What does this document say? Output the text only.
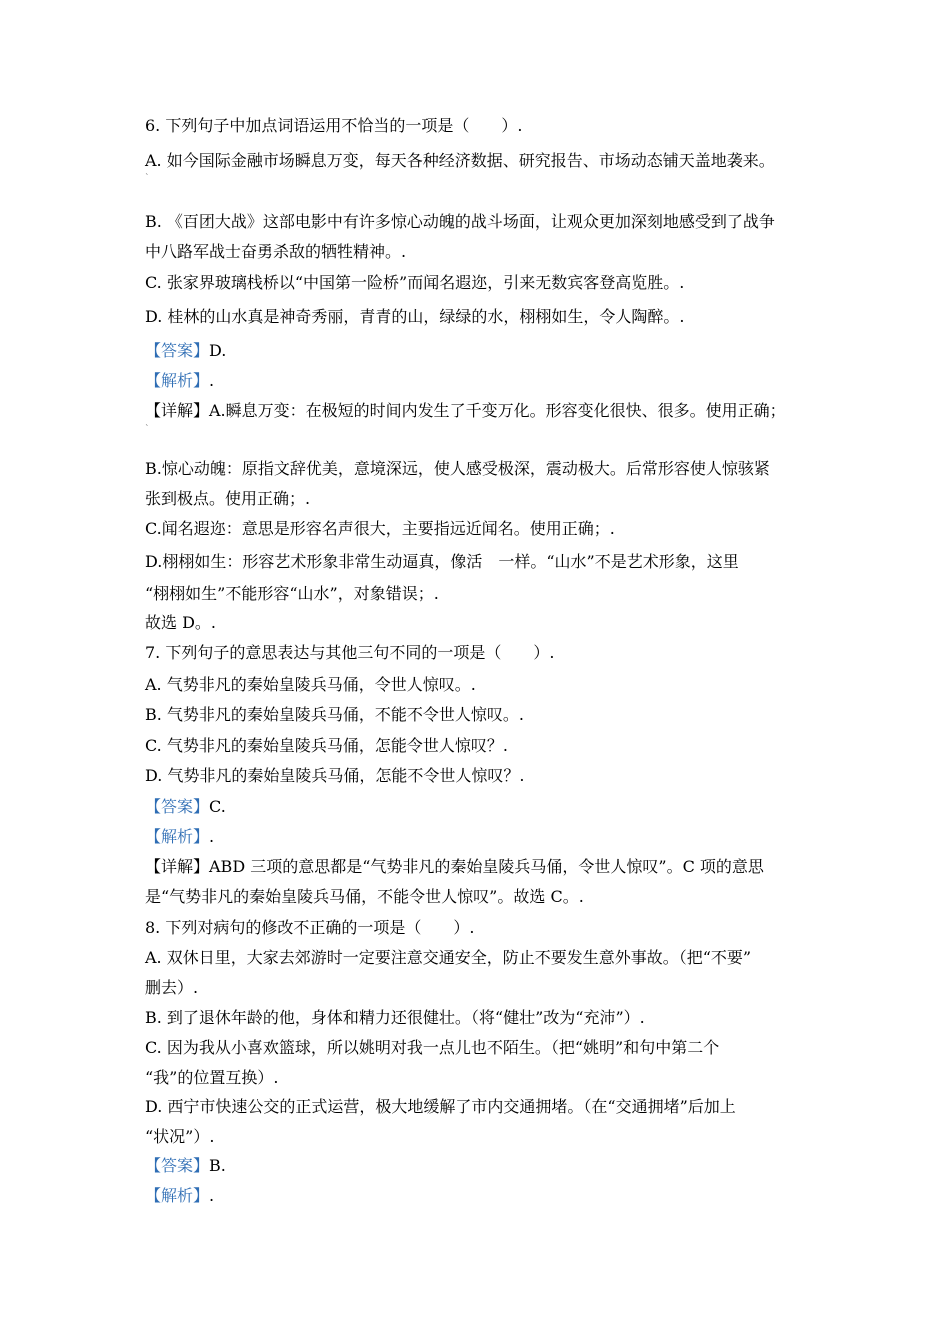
6. 下列句子中加点词语运用不恰当的一项是（　　）.
A. 如今国际金融市场瞬息万变，每天各种经济数据、研究报告、市场动态铺天盖地袭来。
ˋ
B. 《百团大战》这部电影中有许多惊心动魄的战斗场面，让观众更加深刻地感受到了战争
中八路军战士奋勇杀敌的牺牲精神。.
C. 张家界玻璃栈桥以“中国第一险桥”而闻名遐迩，引来无数宾客登高览胜。.
D. 桂林的山水真是神奇秀丽，青青的山，绿绿的水，栩栩如生，令人陶醉。.
【答案】D.
【解析】.
【详解】A.瞬息万变：在极短的时间内发生了千变万化。形容变化很快、很多。使用正确；
ˋ
B.惊心动魄：原指文辞优美，意境深远，使人感受极深，震动极大。后常形容使人惊骇紧
张到极点。使用正确；.
C.闻名遐迩：意思是形容名声很大，主要指远近闻名。使用正确；.
D.栩栩如生：形容艺术形象非常生动逼真，像活　一样。“山水”不是艺术形象，这里
“栩栩如生”不能形容“山水”，对象错误；.
故选 D。.
7. 下列句子的意思表达与其他三句不同的一项是（　　）.
A. 气势非凡的秦始皇陵兵马俑，令世人惊叹。.
B. 气势非凡的秦始皇陵兵马俑，不能不令世人惊叹。.
C. 气势非凡的秦始皇陵兵马俑，怎能令世人惊叹？.
D. 气势非凡的秦始皇陵兵马俑，怎能不令世人惊叹？.
【答案】C.
【解析】.
【详解】ABD 三项的意思都是“气势非凡的秦始皇陵兵马俑，令世人惊叹”。C 项的意思
是“气势非凡的秦始皇陵兵马俑，不能令世人惊叹”。故选 C。.
8. 下列对病句的修改不正确的一项是（　　）.
A. 双休日里，大家去郊游时一定要注意交通安全，防止不要发生意外事故。（把“不要”
删去）.
B. 到了退休年龄的他，身体和精力还很健壮。（将“健壮”改为“充沛”）.
C. 因为我从小喜欢篮球，所以姚明对我一点儿也不陌生。（把“姚明”和句中第二个
“我”的位置互换）.
D. 西宁市快速公交的正式运营，极大地缓解了市内交通拥堵。（在“交通拥堵”后加上
“状况”）.
【答案】B.
【解析】.
